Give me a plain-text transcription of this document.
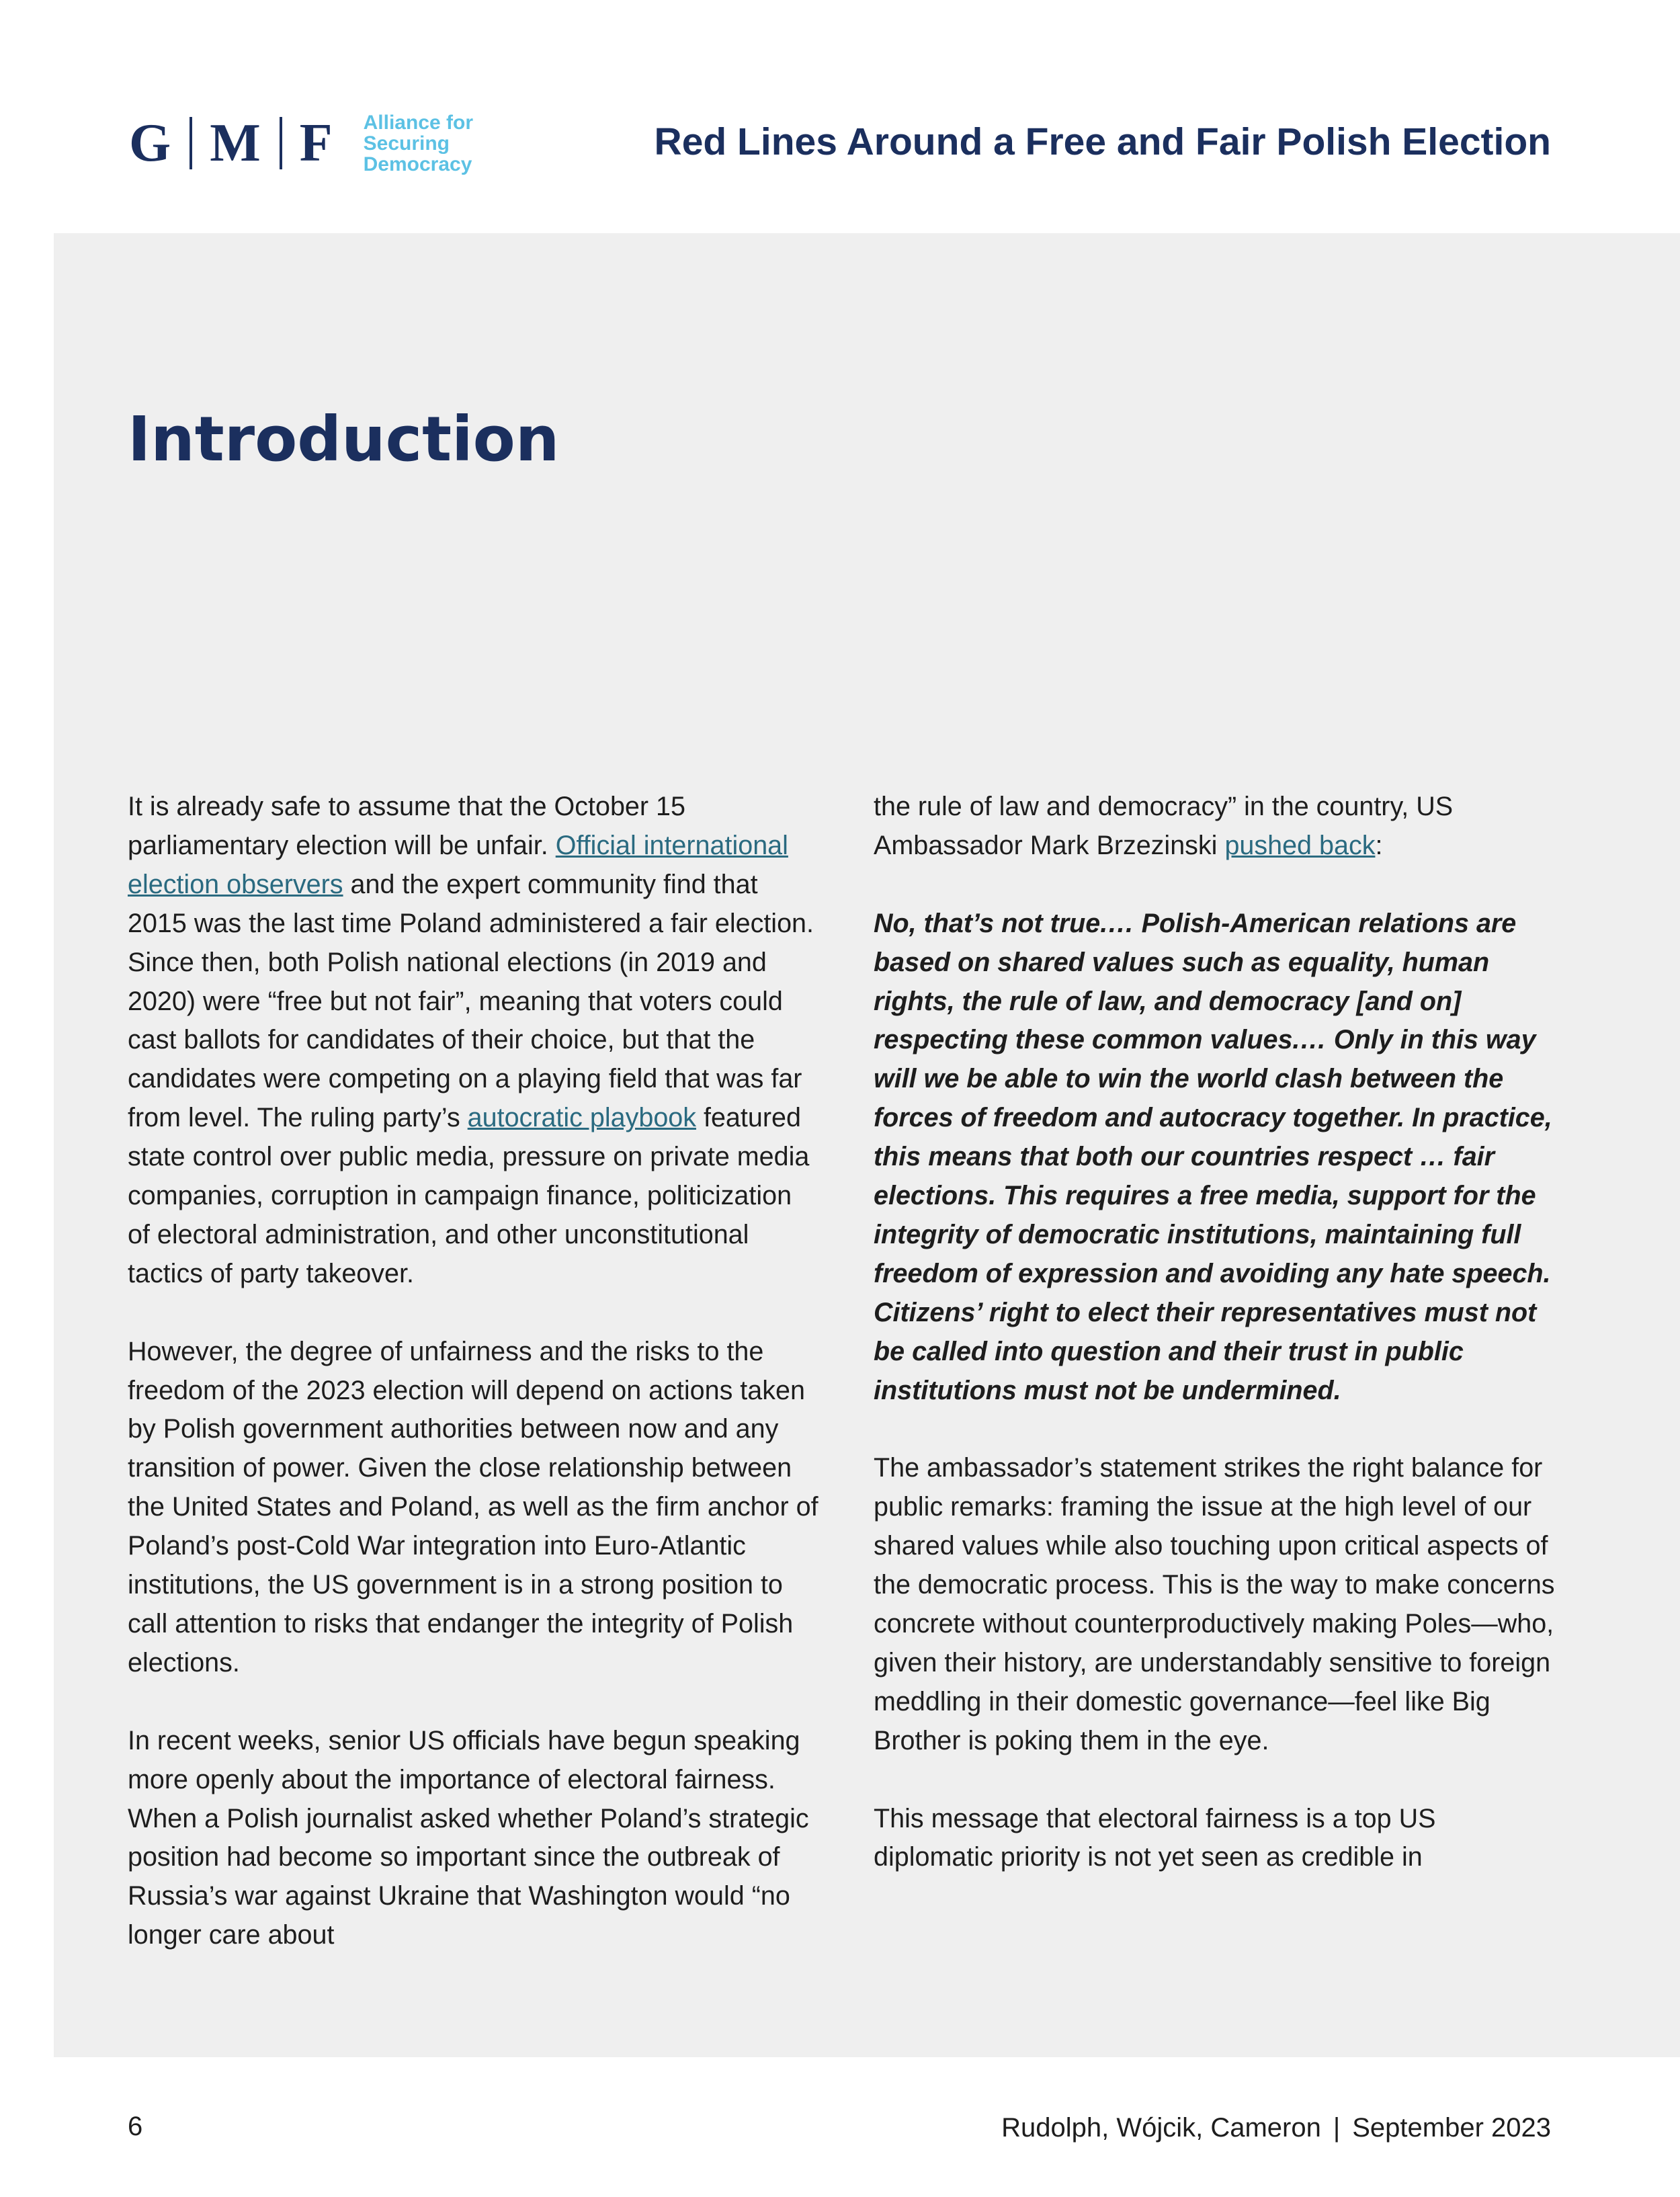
G M F Alliance for
Securing
Democracy
Red Lines Around a Free and Fair Polish Election
Introduction

It is already safe to assume that the October 15 parliamentary election will be unfair. Official international election observers and the expert community find that 2015 was the last time Poland administered a fair election. Since then, both Polish national elections (in 2019 and 2020) were “free but not fair”, meaning that voters could cast ballots for candidates of their choice, but that the candidates were competing on a playing field that was far from level. The ruling party’s autocratic playbook featured state control over public media, pressure on private media companies, corruption in campaign finance, politicization of electoral administration, and other unconstitutional tactics of party takeover.

However, the degree of unfairness and the risks to the freedom of the 2023 election will depend on actions taken by Polish government authorities between now and any transition of power. Given the close relationship between the United States and Poland, as well as the firm anchor of Poland’s post-Cold War integration into Euro-Atlantic institutions, the US government is in a strong position to call attention to risks that endanger the integrity of Polish elections.

In recent weeks, senior US officials have begun speaking more openly about the importance of electoral fairness. When a Polish journalist asked whether Poland’s strategic position had become so important since the outbreak of Russia’s war against Ukraine that Washington would “no longer care about

the rule of law and democracy” in the country, US Ambassador Mark Brzezinski pushed back:

No, that’s not true.… Polish-American relations are based on shared values such as equality, human rights, the rule of law, and democracy [and on] respecting these common values.… Only in this way will we be able to win the world clash between the forces of freedom and autocracy together. In practice, this means that both our countries respect … fair elections. This requires a free media, support for the integrity of democratic institutions, maintaining full freedom of expression and avoiding any hate speech. Citizens’ right to elect their representatives must not be called into question and their trust in public institutions must not be undermined.

The ambassador’s statement strikes the right balance for public remarks: framing the issue at the high level of our shared values while also touching upon critical aspects of the democratic process. This is the way to make concerns concrete without counterproductively making Poles—who, given their history, are understandably sensitive to foreign meddling in their domestic governance—feel like Big Brother is poking them in the eye.

This message that electoral fairness is a top US diplomatic priority is not yet seen as credible in

6	Rudolph, Wójcik, Cameron | September 2023
